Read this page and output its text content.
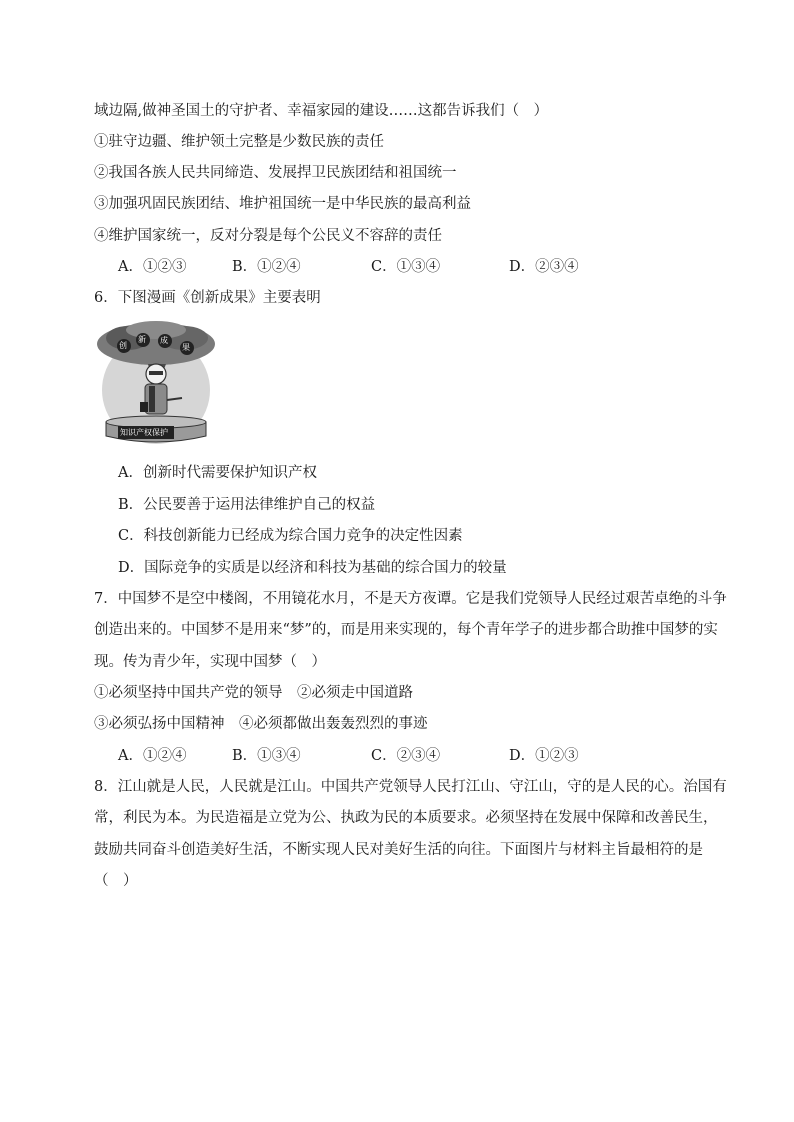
域边隔,做神圣国土的守护者、幸福家园的建设……这都告诉我们（　）
①驻守边疆、维护领土完整是少数民族的责任
②我国各族人民共同缔造、发展捍卫民族团结和祖国统一
③加强巩固民族团结、堆护祖国统一是中华民族的最高利益
④维护国家统一，反对分裂是每个公民义不容辞的责任
A．①②③	B．①②④	C．①③④	D．②③④
6．下图漫画《创新成果》主要表明
创
新 成
果
知识产权保护
A．创新时代需要保护知识产权
B．公民要善于运用法律维护自己的权益
C．科技创新能力已经成为综合国力竞争的决定性因素
D．国际竞争的实质是以经济和科技为基础的综合国力的较量
7．中国梦不是空中楼阁，不用镜花水月，不是天方夜谭。它是我们党领导人民经过艰苦卓绝的斗争
创造出来的。中国梦不是用来“梦”的，而是用来实现的，每个青年学子的进步都合助推中国梦的实
现。传为青少年，实现中国梦（　）
①必须坚持中国共产党的领导　②必须走中国道路
③必须弘扬中国精神　④必须都做出轰轰烈烈的事迹
A．①②④	B．①③④	C．②③④	D．①②③
8．江山就是人民，人民就是江山。中国共产党领导人民打江山、守江山，守的是人民的心。治国有
常，利民为本。为民造福是立党为公、执政为民的本质要求。必须坚持在发展中保障和改善民生，
鼓励共同奋斗创造美好生活，不断实现人民对美好生活的向往。下面图片与材料主旨最相符的是
（　）
